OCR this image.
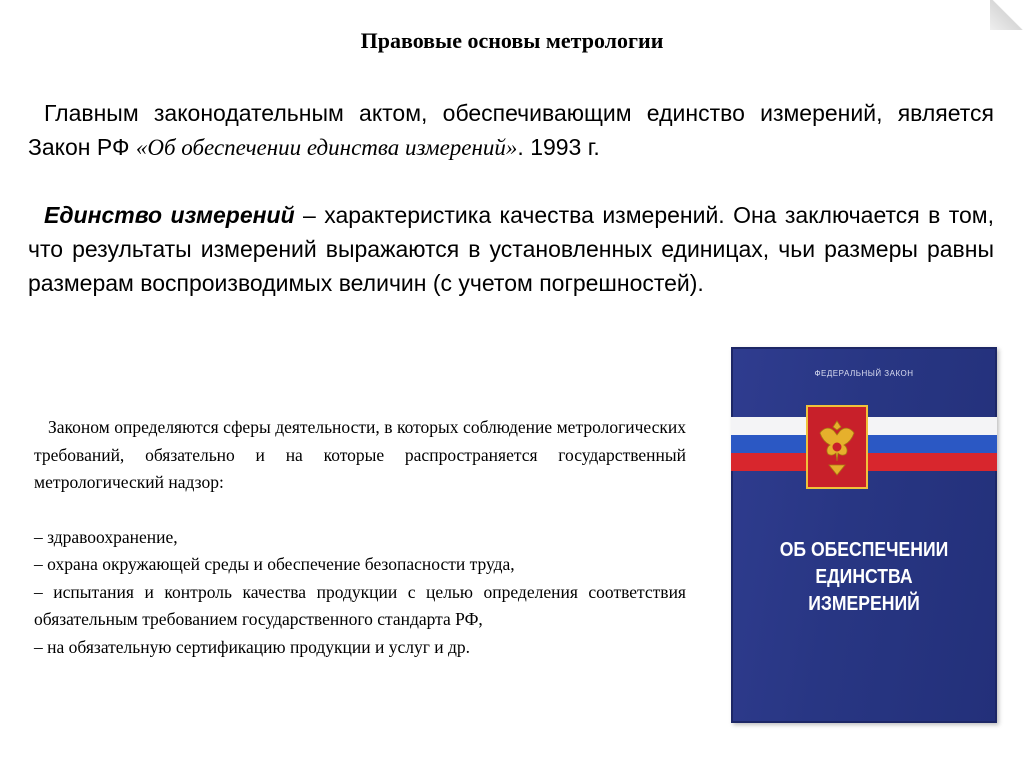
Правовые основы метрологии
Главным законодательным актом, обеспечивающим единство измерений, является Закон РФ «Об обеспечении единства измерений». 1993 г.
Единство измерений – характеристика качества измерений. Она заключается в том, что результаты измерений выражаются в установленных единицах, чьи размеры равны размерам воспроизводимых величин (с учетом погрешностей).
Законом определяются сферы деятельности, в которых соблюдение метрологических требований, обязательно и на которые распространяется государственный метрологический надзор:
– здравоохранение,
– охрана окружающей среды и обеспечение безопасности труда,
– испытания и контроль качества продукции с целью определения соответствия обязательным требованием государственного стандарта РФ,
– на обязательную сертификацию продукции и услуг и др.
ФЕДЕРАЛЬНЫЙ ЗАКОН
ОБ ОБЕСПЕЧЕНИИ
ЕДИНСТВА
ИЗМЕРЕНИЙ
